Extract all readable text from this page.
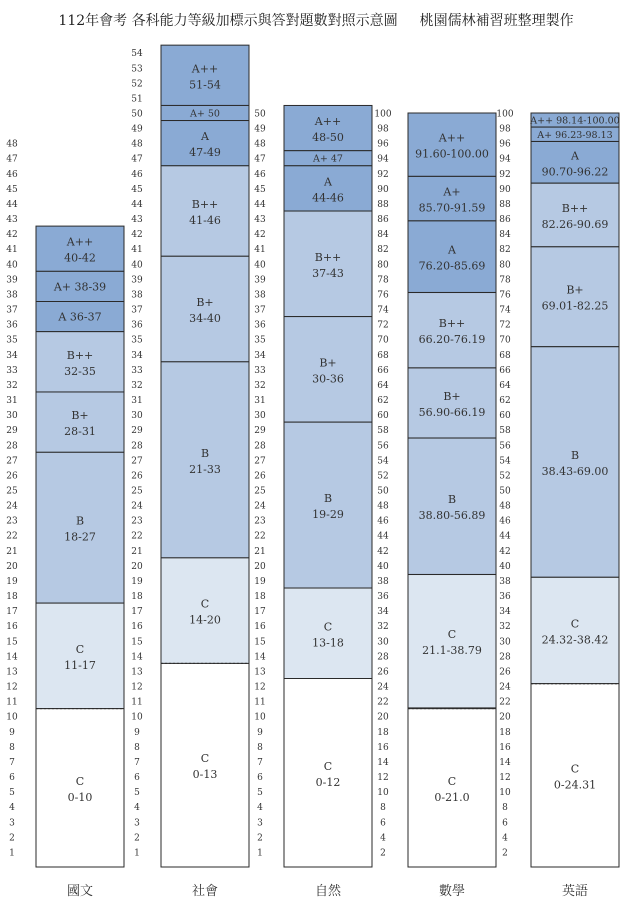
112年會考 各科能力等級加標示與答對題數對照示意圖 桃園儒林補習班整理製作
1
2
3
4
5
6
7
8
9
10
11
12
13
14
15
16
17
18
19
20
21
22
23
24
25
26
27
28
29
30
31
32
33
34
35
36
37
38
39
40
41
42
43
44
45
46
47
48
A++
40-42
A+ 38-39
A 36-37
B++
32-35
B+
28-31
B
18-27
C
11-17
C
0-10
國文
1
2
3
4
5
6
7
8
9
10
11
12
13
14
15
16
17
18
19
20
21
22
23
24
25
26
27
28
29
30
31
32
33
34
35
36
37
38
39
40
41
42
43
44
45
46
47
48
49
50
51
52
53
54
A++
51-54
A+ 50
A
47-49
B++
41-46
B+
34-40
B
21-33
C
14-20
C
0-13
社會
1
2
3
4
5
6
7
8
9
10
11
12
13
14
15
16
17
18
19
20
21
22
23
24
25
26
27
28
29
30
31
32
33
34
35
36
37
38
39
40
41
42
43
44
45
46
47
48
49
50
A++
48-50
A+ 47
A
44-46
B++
37-43
B+
30-36
B
19-29
C
13-18
C
0-12
自然
2
4
6
8
10
12
14
16
18
20
22
24
26
28
30
32
34
36
38
40
42
44
46
48
50
52
54
56
58
60
62
64
66
68
70
72
74
76
78
80
82
84
86
88
90
92
94
96
98
100
A++
91.60-100.00
A+
85.70-91.59
A
76.20-85.69
B++
66.20-76.19
B+
56.90-66.19
B
38.80-56.89
C
21.1-38.79
C
0-21.0
數學
2
4
6
8
10
12
14
16
18
20
22
24
26
28
30
32
34
36
38
40
42
44
46
48
50
52
54
56
58
60
62
64
66
68
70
72
74
76
78
80
82
84
86
88
90
92
94
96
98
100
A++ 98.14-100.00
A+ 96.23-98.13
A
90.70-96.22
B++
82.26-90.69
B+
69.01-82.25
B
38.43-69.00
C
24.32-38.42
C
0-24.31
英語
